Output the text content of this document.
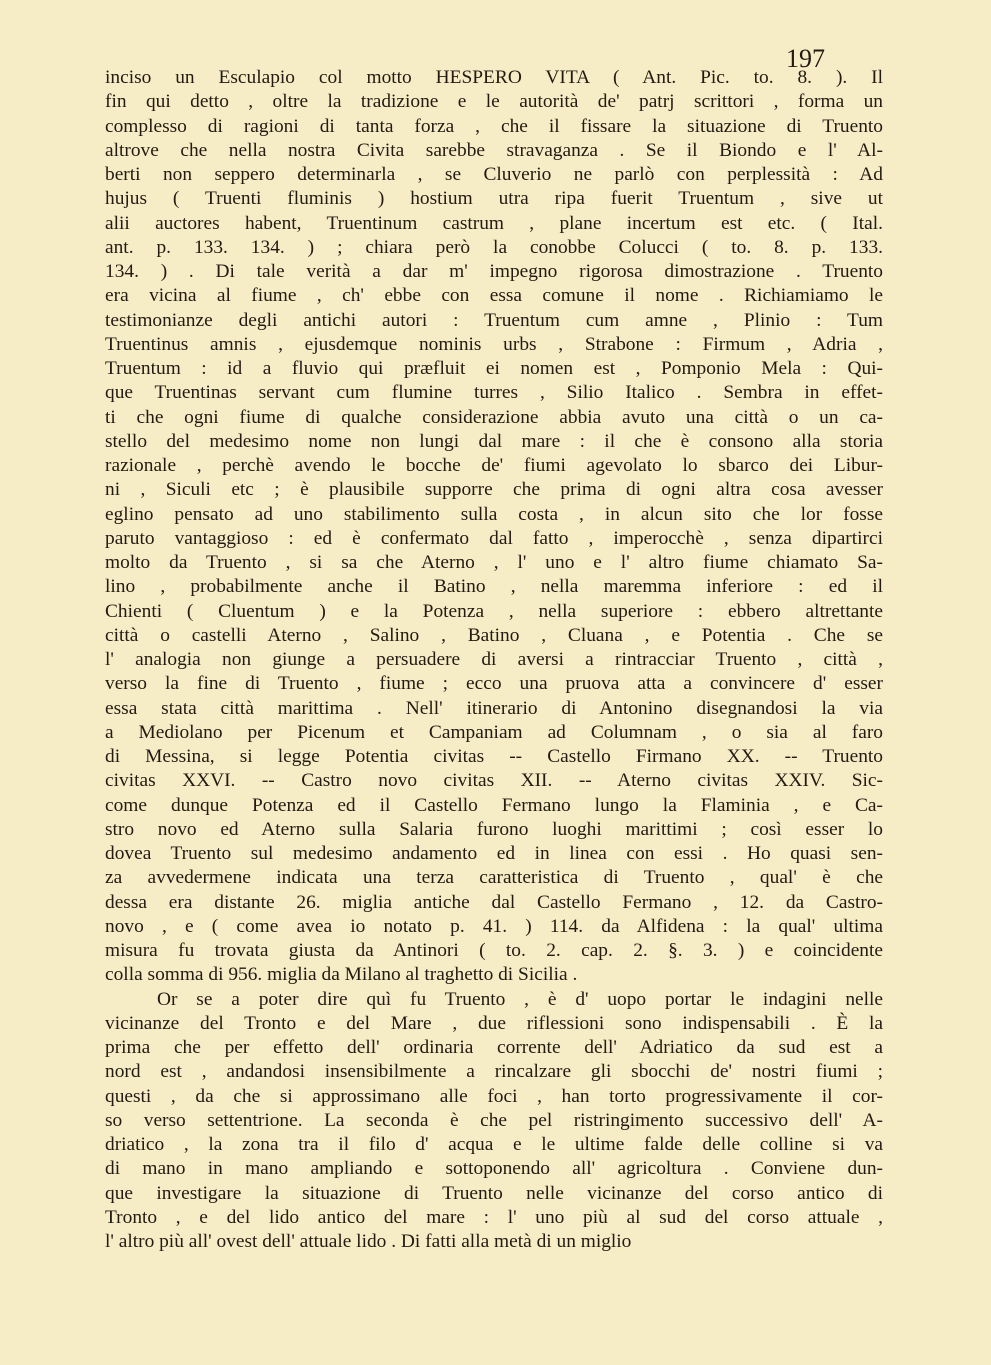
197
inciso un Esculapio col motto HESPERO VITA ( Ant. Pic. to. 8. ). Il
fin qui detto , oltre la tradizione e le autorità de' patrj scrittori , forma un
complesso di ragioni di tanta forza , che il fissare la situazione di Truento
altrove che nella nostra Civita sarebbe stravaganza . Se il Biondo e l' Al-
berti non seppero determinarla , se Cluverio ne parlò con perplessità : Ad
hujus ( Truenti fluminis ) hostium utra ripa fuerit Truentum , sive ut
alii auctores habent, Truentinum castrum , plane incertum est etc. ( Ital.
ant. p. 133. 134. ) ; chiara però la conobbe Colucci ( to. 8. p. 133.
134. ) . Di tale verità a dar m' impegno rigorosa dimostrazione . Truento
era vicina al fiume , ch' ebbe con essa comune il nome . Richiamiamo le
testimonianze degli antichi autori : Truentum cum amne , Plinio : Tum
Truentinus amnis , ejusdemque nominis urbs , Strabone : Firmum , Adria ,
Truentum : id a fluvio qui præfluit ei nomen est , Pomponio Mela : Qui-
que Truentinas servant cum flumine turres , Silio Italico . Sembra in effet-
ti che ogni fiume di qualche considerazione abbia avuto una città o un ca-
stello del medesimo nome non lungi dal mare : il che è consono alla storia
razionale , perchè avendo le bocche de' fiumi agevolato lo sbarco dei Libur-
ni , Siculi etc ; è plausibile supporre che prima di ogni altra cosa avesser
eglino pensato ad uno stabilimento sulla costa , in alcun sito che lor fosse
paruto vantaggioso : ed è confermato dal fatto , imperocchè , senza dipartirci
molto da Truento , si sa che Aterno , l' uno e l' altro fiume chiamato Sa-
lino , probabilmente anche il Batino , nella maremma inferiore : ed il
Chienti ( Cluentum ) e la Potenza , nella superiore : ebbero altrettante
città o castelli Aterno , Salino , Batino , Cluana , e Potentia . Che se
l' analogia non giunge a persuadere di aversi a rintracciar Truento , città ,
verso la fine di Truento , fiume ; ecco una pruova atta a convincere d' esser
essa stata città marittima . Nell' itinerario di Antonino disegnandosi la via
a Mediolano per Picenum et Campaniam ad Columnam , o sia al faro
di Messina, si legge Potentia civitas -- Castello Firmano XX. -- Truento
civitas XXVI. -- Castro novo civitas XII. -- Aterno civitas XXIV. Sic-
come dunque Potenza ed il Castello Fermano lungo la Flaminia , e Ca-
stro novo ed Aterno sulla Salaria furono luoghi marittimi ; così esser lo
dovea Truento sul medesimo andamento ed in linea con essi . Ho quasi sen-
za avvedermene indicata una terza caratteristica di Truento , qual' è che
dessa era distante 26. miglia antiche dal Castello Fermano , 12. da Castro-
novo , e ( come avea io notato p. 41. ) 114. da Alfidena : la qual' ultima
misura fu trovata giusta da Antinori ( to. 2. cap. 2. §. 3. ) e coincidente
colla somma di 956. miglia da Milano al traghetto di Sicilia .
Or se a poter dire quì fu Truento , è d' uopo portar le indagini nelle
vicinanze del Tronto e del Mare , due riflessioni sono indispensabili . È la
prima che per effetto dell' ordinaria corrente dell' Adriatico da sud est a
nord est , andandosi insensibilmente a rincalzare gli sbocchi de' nostri fiumi ;
questi , da che si approssimano alle foci , han torto progressivamente il cor-
so verso settentrione. La seconda è che pel ristringimento successivo dell' A-
driatico , la zona tra il filo d' acqua e le ultime falde delle colline si va
di mano in mano ampliando e sottoponendo all' agricoltura . Conviene dun-
que investigare la situazione di Truento nelle vicinanze del corso antico di
Tronto , e del lido antico del mare : l' uno più al sud del corso attuale ,
l' altro più all' ovest dell' attuale lido . Di fatti alla metà di un miglio
